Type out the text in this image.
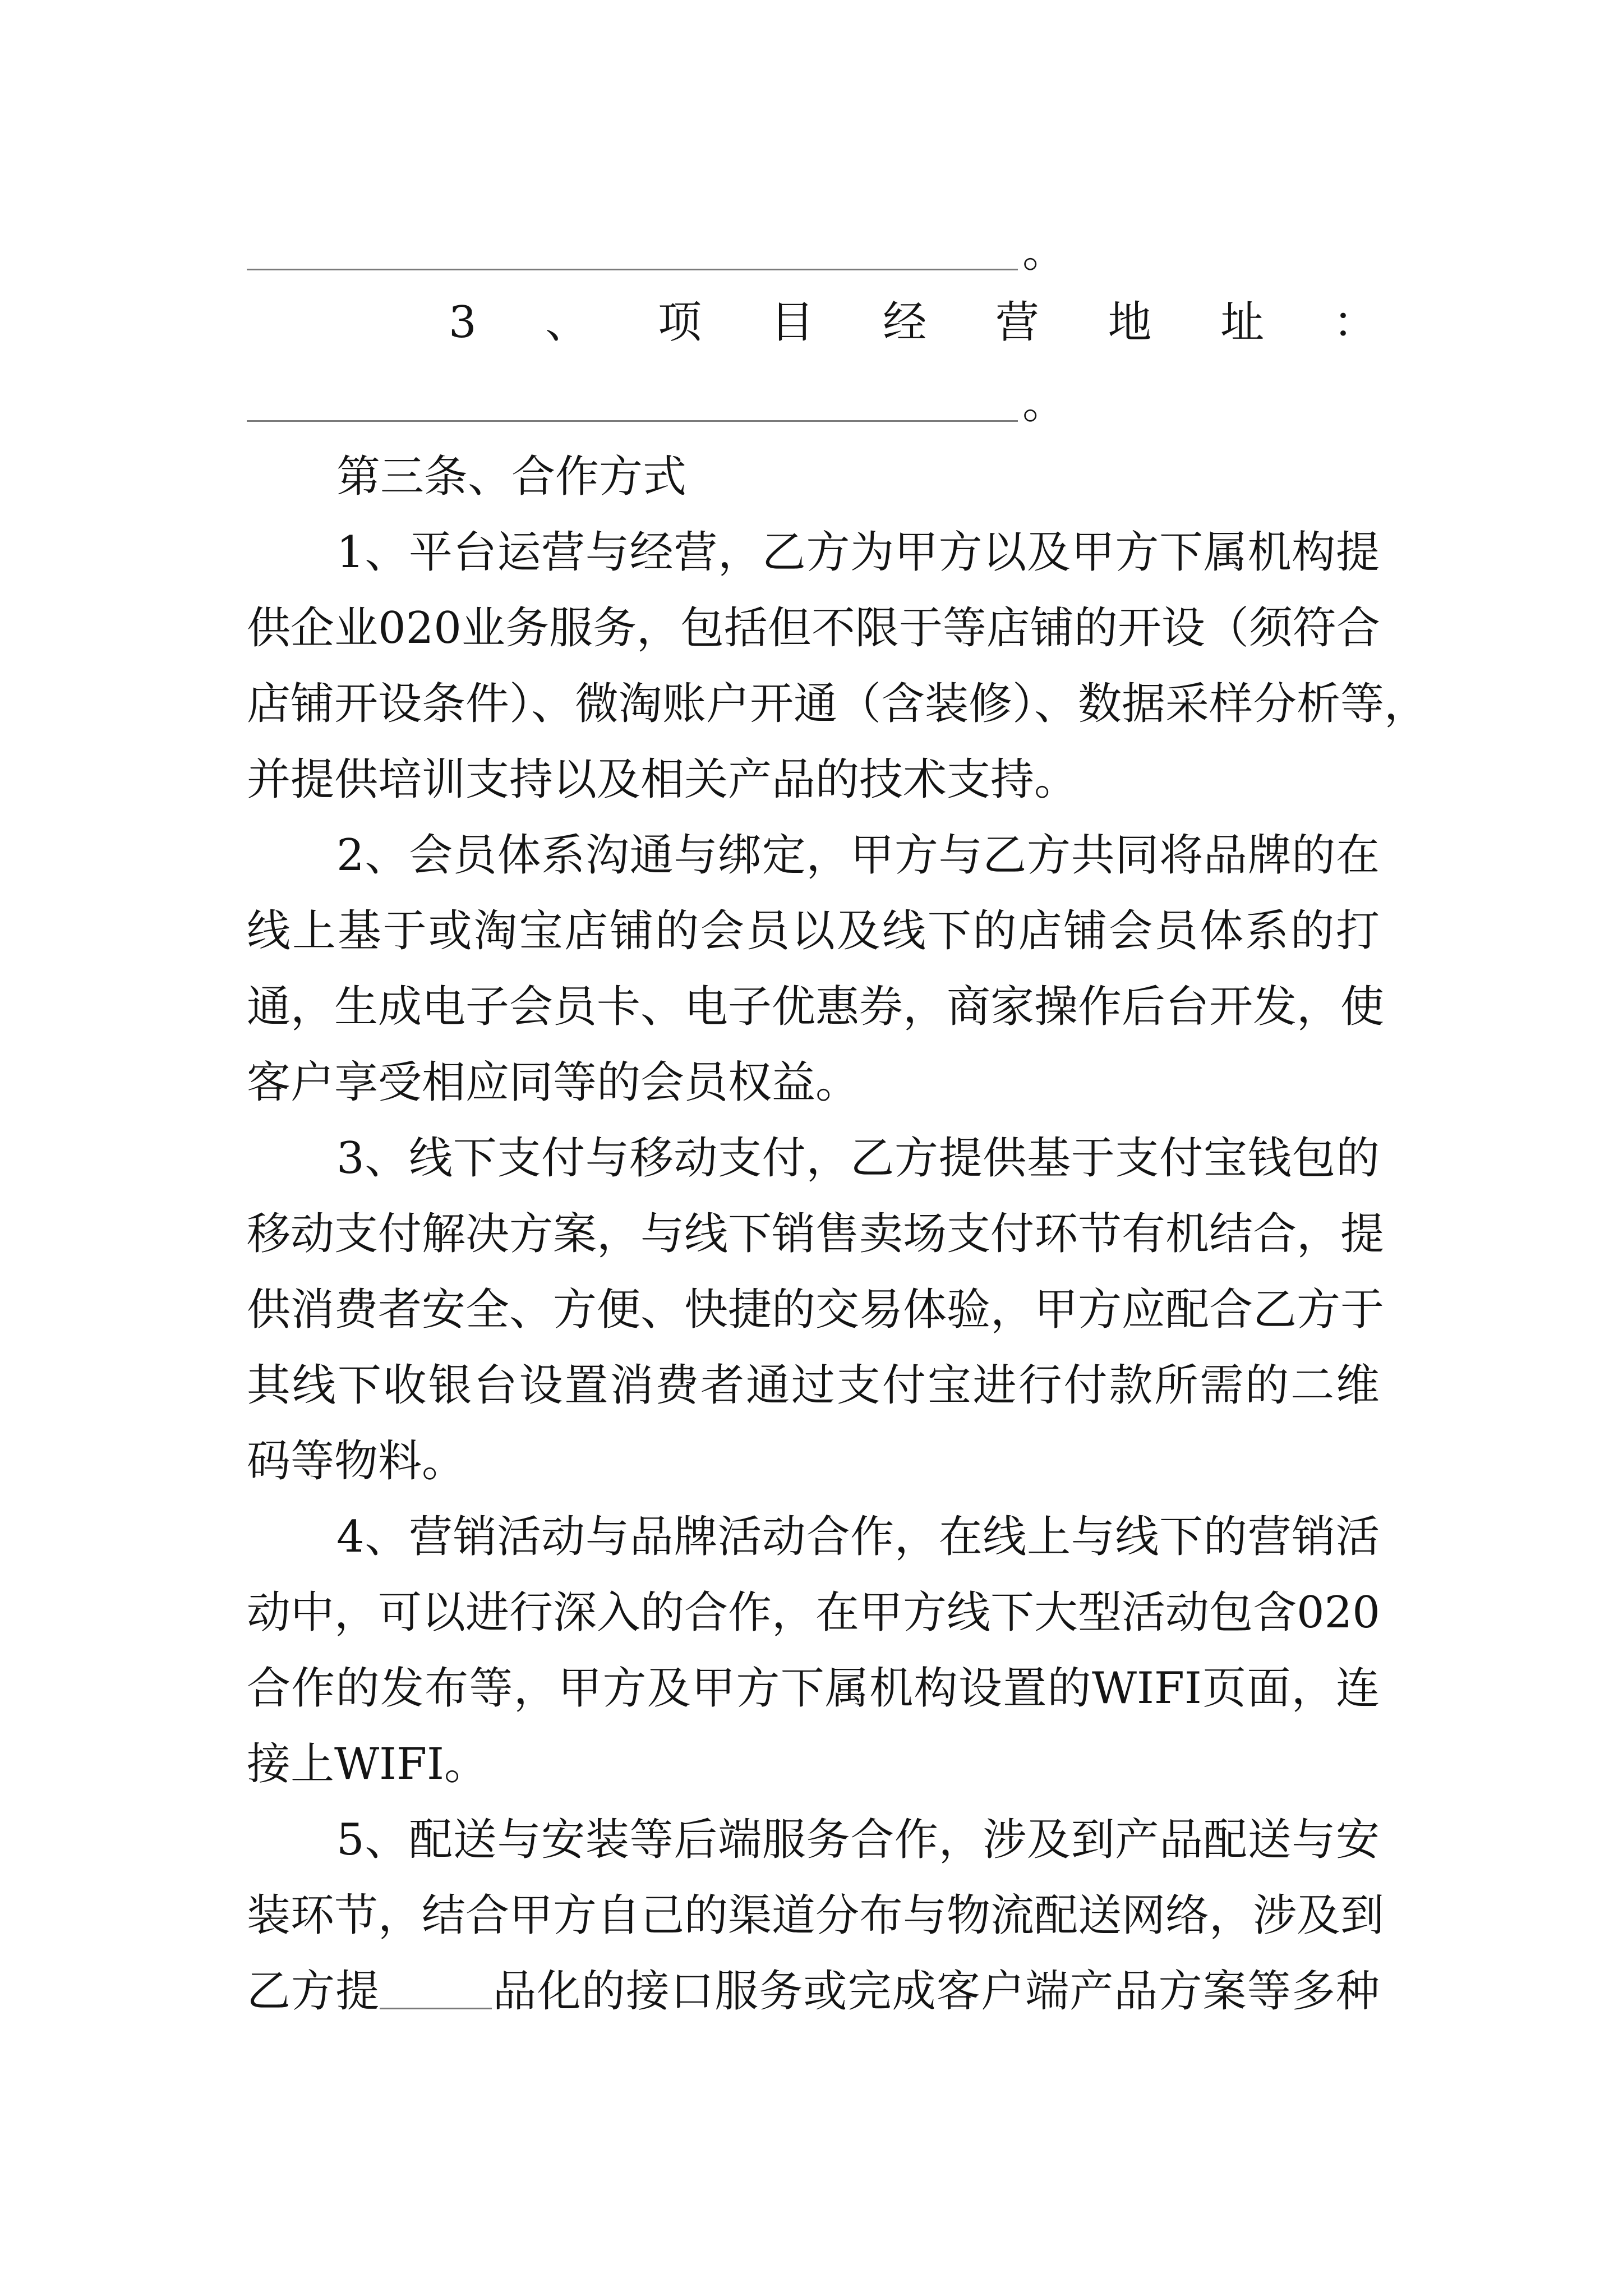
。
3 、 项 目 经 营 地 址 ：
。
第三条、合作方式
1、平台运营与经营，乙方为甲方以及甲方下属机构提
供企业020业务服务，包括但不限于等店铺的开设（须符合
店铺开设条件）、微淘账户开通（含装修）、数据采样分析等，
并提供培训支持以及相关产品的技术支持。
2、会员体系沟通与绑定，甲方与乙方共同将品牌的在
线上基于或淘宝店铺的会员以及线下的店铺会员体系的打
通，生成电子会员卡、电子优惠券，商家操作后台开发，使
客户享受相应同等的会员权益。
3、线下支付与移动支付，乙方提供基于支付宝钱包的
移动支付解决方案，与线下销售卖场支付环节有机结合，提
供消费者安全、方便、快捷的交易体验，甲方应配合乙方于
其线下收银台设置消费者通过支付宝进行付款所需的二维
码等物料。
4、营销活动与品牌活动合作，在线上与线下的营销活
动中，可以进行深入的合作，在甲方线下大型活动包含020
合作的发布等，甲方及甲方下属机构设置的WIFI页面，连
接上WIFI。
5、配送与安装等后端服务合作，涉及到产品配送与安
装环节，结合甲方自己的渠道分布与物流配送网络，涉及到
乙方提	品化的接口服务或完成客户端产品方案等多种
